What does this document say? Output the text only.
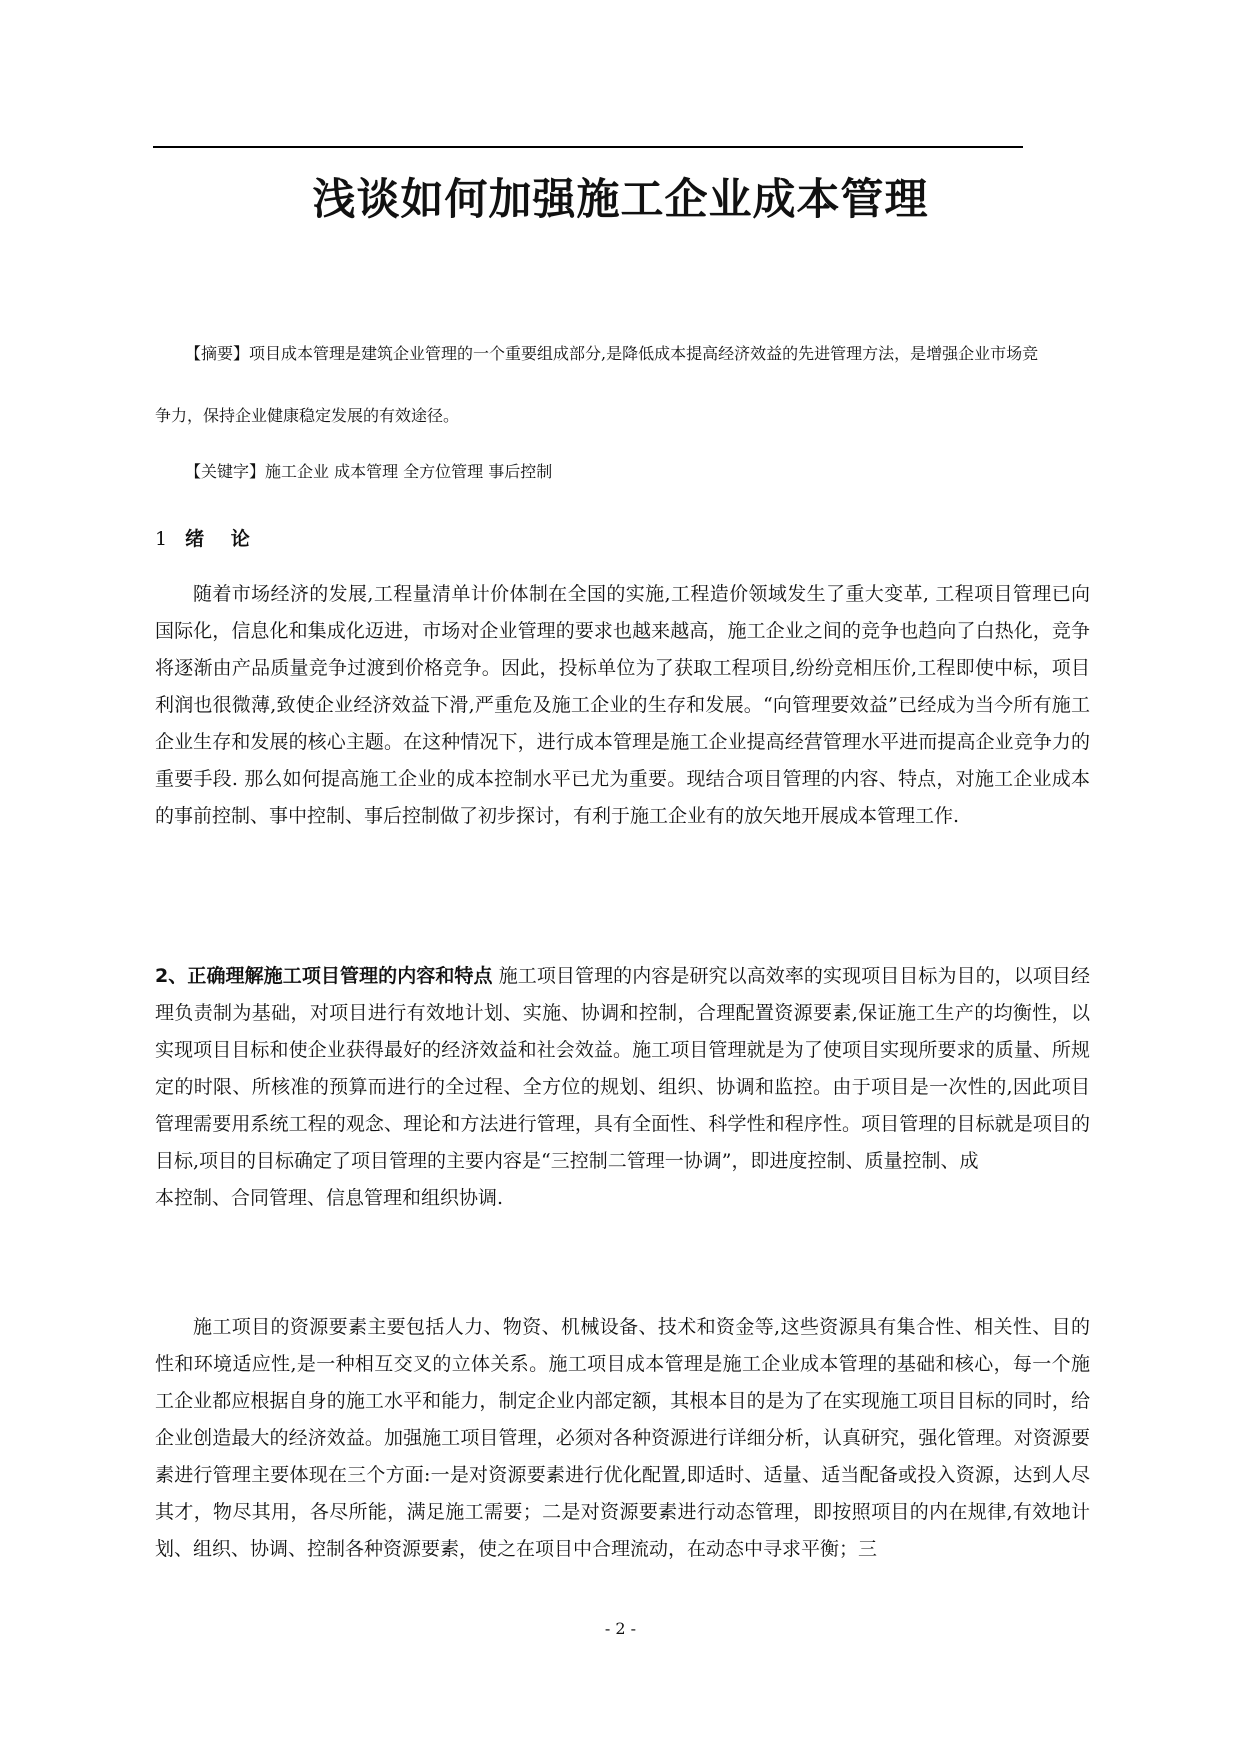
浅谈如何加强施工企业成本管理
【摘要】项目成本管理是建筑企业管理的一个重要组成部分,是降低成本提高经济效益的先进管理方法，是增强企业市场竞
争力，保持企业健康稳定发展的有效途径。
【关键字】施工企业 成本管理 全方位管理 事后控制
1 绪 论

随着市场经济的发展,工程量清单计价体制在全国的实施,工程造价领域发生了重大变革, 工程项目管理已向国际化，信息化和集成化迈进，市场对企业管理的要求也越来越高，施工企业之间的竞争也趋向了白热化，竞争将逐渐由产品质量竞争过渡到价格竞争。因此，投标单位为了获取工程项目,纷纷竞相压价,工程即使中标，项目利润也很微薄,致使企业经济效益下滑,严重危及施工企业的生存和发展。“向管理要效益”已经成为当今所有施工企业生存和发展的核心主题。在这种情况下，进行成本管理是施工企业提高经营管理水平进而提高企业竞争力的重要手段. 那么如何提高施工企业的成本控制水平已尤为重要。现结合项目管理的内容、特点，对施工企业成本的事前控制、事中控制、事后控制做了初步探讨，有利于施工企业有的放矢地开展成本管理工作.

2、正确理解施工项目管理的内容和特点 施工项目管理的内容是研究以高效率的实现项目目标为目的，以项目经理负责制为基础，对项目进行有效地计划、实施、协调和控制，合理配置资源要素,保证施工生产的均衡性，以实现项目目标和使企业获得最好的经济效益和社会效益。施工项目管理就是为了使项目实现所要求的质量、所规定的时限、所核准的预算而进行的全过程、全方位的规划、组织、协调和监控。由于项目是一次性的,因此项目管理需要用系统工程的观念、理论和方法进行管理，具有全面性、科学性和程序性。项目管理的目标就是项目的目标,项目的目标确定了项目管理的主要内容是“三控制二管理一协调”，即进度控制、质量控制、成
本控制、合同管理、信息管理和组织协调.

施工项目的资源要素主要包括人力、物资、机械设备、技术和资金等,这些资源具有集合性、相关性、目的性和环境适应性,是一种相互交叉的立体关系。施工项目成本管理是施工企业成本管理的基础和核心，每一个施工企业都应根据自身的施工水平和能力，制定企业内部定额，其根本目的是为了在实现施工项目目标的同时，给企业创造最大的经济效益。加强施工项目管理，必须对各种资源进行详细分析，认真研究，强化管理。对资源要素进行管理主要体现在三个方面:一是对资源要素进行优化配置,即适时、适量、适当配备或投入资源，达到人尽其才，物尽其用，各尽所能，满足施工需要；二是对资源要素进行动态管理，即按照项目的内在规律,有效地计划、组织、协调、控制各种资源要素，使之在项目中合理流动，在动态中寻求平衡；三

- 2 -
